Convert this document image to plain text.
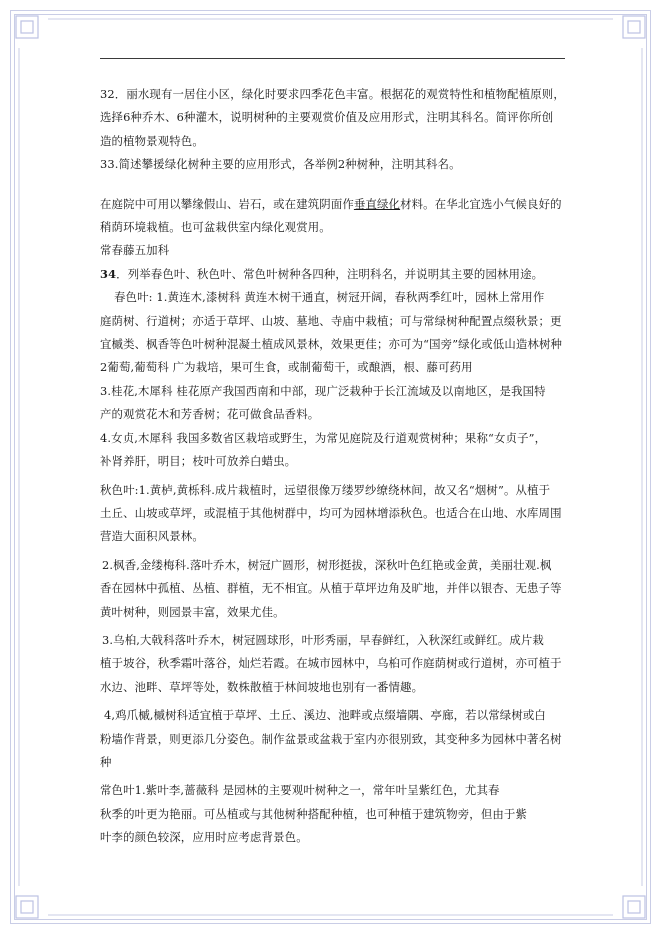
32．丽水现有一居住小区，绿化时要求四季花色丰富。根据花的观赏特性和植物配植原则，

选择6种乔木、6种灌木，说明树种的主要观赏价值及应用形式，注明其科名。简评你所创

造的植物景观特色。

33.简述攀援绿化树种主要的应用形式，各举例2种树种，注明其科名。

在庭院中可用以攀缘假山、岩石，或在建筑阴面作垂直绿化材料。在华北宜选小气候良好的

稍荫环境栽植。也可盆栽供室内绿化观赏用。

常春藤五加科

34．列举春色叶、秋色叶、常色叶树种各四种，注明科名，并说明其主要的园林用途。

春色叶: 1.黄连木,漆树科 黄连木树干通直，树冠开阔，春秋两季红叶，园林上常用作

庭荫树、行道树；亦适于草坪、山坡、墓地、寺庙中栽植；可与常绿树种配置点缀秋景；更

宜槭类、枫香等色叶树种混凝土植成风景林，效果更佳；亦可为“国旁”绿化或低山造林树种

2葡萄,葡萄科 广为栽培，果可生食，或制葡萄干，或酿酒，根、藤可药用

3.桂花,木犀科 桂花原产我国西南和中部，现广泛栽种于长江流域及以南地区，是我国特

产的观赏花木和芳香树；花可做食品香料。

4.女贞,木犀科 我国多数省区栽培或野生，为常见庭院及行道观赏树种；果称“女贞子”，

补肾养肝，明目；枝叶可放养白蜡虫。

秋色叶:1.黄栌,黄栎科.成片栽植时，远望很像万缕罗纱缭绕林间，故又名“烟树”。从植于

土丘、山坡或草坪，或混植于其他树群中，均可为园林增添秋色。也适合在山地、水库周围

营造大面积风景林。

2.枫香,金缕梅科.落叶乔木，树冠广圆形，树形挺拔，深秋叶色红艳或金黄，美丽壮观.枫

香在园林中孤植、丛植、群植，无不相宜。从植于草坪边角及旷地，并伴以银杏、无患子等

黄叶树种，则园景丰富，效果尤佳。

3.乌桕,大戟科落叶乔木，树冠圆球形，叶形秀丽，早春鲜红，入秋深红或鲜红。成片栽

植于坡谷，秋季霜叶落谷，灿烂若霞。在城市园林中，乌桕可作庭荫树或行道树，亦可植于

水边、池畔、草坪等处，数株散植于林间坡地也别有一番情趣。

4,鸡爪槭,槭树科适宜植于草坪、土丘、溪边、池畔或点缀墙隅、亭廊，若以常绿树或白

粉墙作背景，则更添几分姿色。制作盆景或盆栽于室内亦很别致，其变种多为园林中著名树

种

常色叶1.紫叶李,蔷薇科 是园林的主要观叶树种之一，常年叶呈紫红色，尤其春

秋季的叶更为艳丽。可丛植或与其他树种搭配种植，也可种植于建筑物旁，但由于紫

叶李的颜色较深，应用时应考虑背景色。
